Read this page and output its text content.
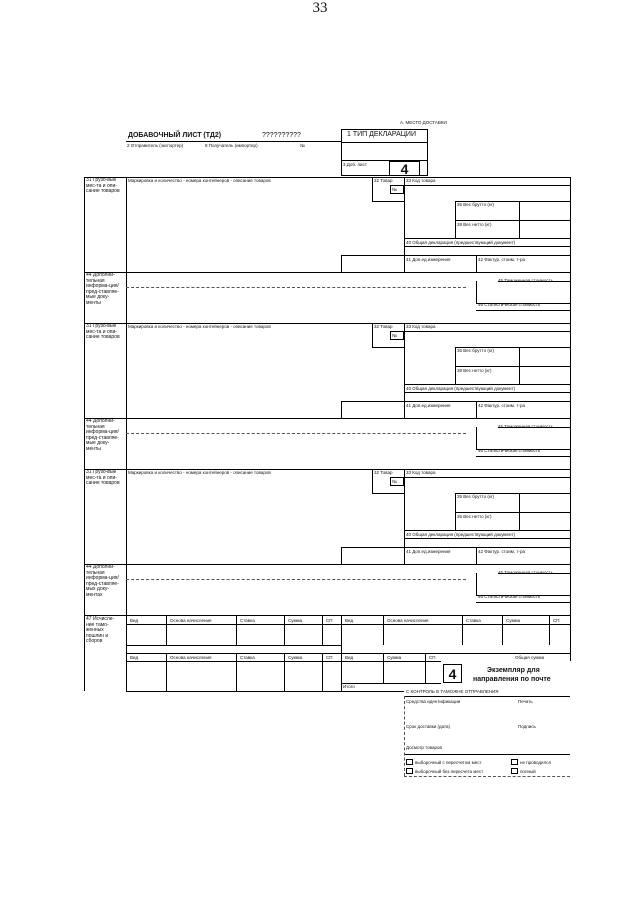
33
А. МЕСТО ДОСТАВКИ
ДОБАВОЧНЫЙ ЛИСТ (ТД2)	??????????	1 ТИП ДЕКЛАРАЦИИ
2 Отправитель (экспортер)	8 Получатель (импортер)	№
3 Доб. лист	4
31 Грузо-вые мес-та и опи-сание товаров
Маркировка и количество - номера контейнеров - описание товаров	32 Товар
№
33 Код товара
35 Вес брутто (кг)
38 Вес нетто (кг)
40 Общая декларация (предшествующий документ)
41 Доп.ед.измерения	42 Фактур. стоим. т-ра
44 Дополни-тельная информа-ция/пред-ставляе-мые доку-менты
45 Таможенная стоимость
46 Статистическая стоимость
31 Грузо-вые мес-та и опи-сание товаров
Маркировка и количество - номера контейнеров - описание товаров	32 Товар
№
33 Код товара
35 Вес брутто (кг)
38 Вес нетто (кг)
40 Общая декларация (предшествующий документ)
41 Доп.ед.измерения	42 Фактур. стоим. т-ра
44 Дополни-тельная информа-ция/пред-ставляе-мые доку-менты
45 Таможенная стоимость
46 Статистическая стоимость
31 Грузо-вые мес-та и опи-сание товаров
Маркировка и количество - номера контейнеров - описание товаров	32 Товар
№
33 Код товара
35 Вес брутто (кг)
36 Вес нетто (кг)
40 Общая декларация (предшествующий документ)
41 Доп.ед.измерения	42 Фактур. стоим. т-ра
44 Дополни-тельная информа-ция/пред-ставляе-мых доку-ментах
45 Таможенная стоимость
46 Статистическая стоимость
47 Исчисле-ние тамо-женных пошлин и сборов
Вид	Основа начисления	Ставка	Сумма	СП	Вид	Основа начисления	Ставка	Сумма	СП
Вид	Основа начисления	Ставка	Сумма	СП	Вид	Сумма	СП	Общая сумма
Итого
4	Экземпляр для
направления по почте
С КОНТРОЛЬ В ТАМОЖНЕ ОТПРАВЛЕНИЯ
Средства идентификации	Печать
Срок доставки (дата)	Подпись
Досмотр товаров
выборочный с пересчетом мест	не проводился
выборочный без пересчета мест	полный
